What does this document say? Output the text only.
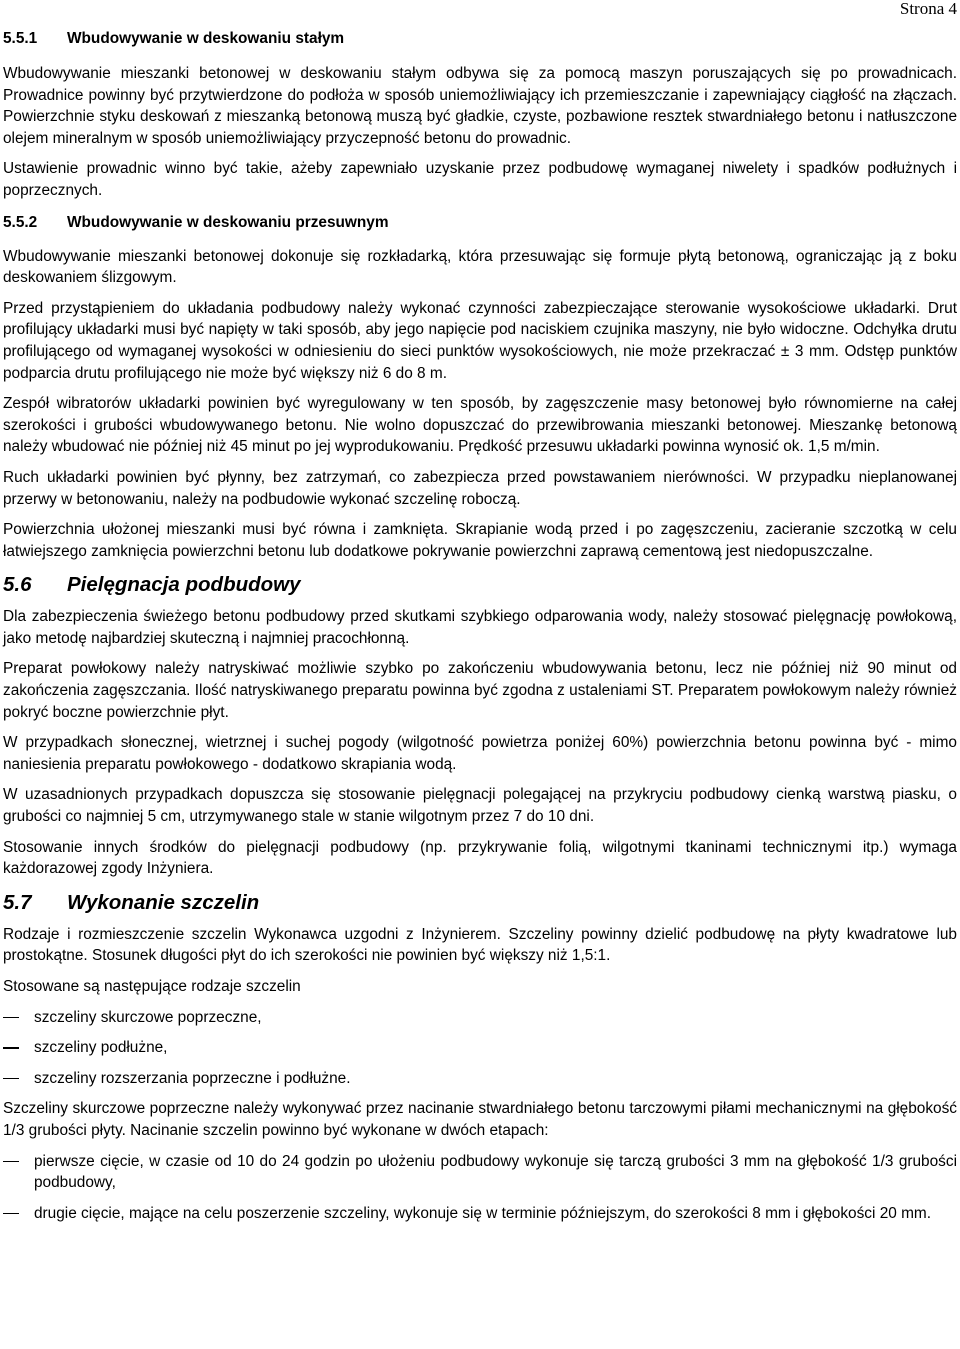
Strona 4
5.5.1 Wbudowywanie w deskowaniu stałym

Wbudowywanie mieszanki betonowej w deskowaniu stałym odbywa się za pomocą maszyn poruszających się po prowadnicach. Prowadnice powinny być przytwierdzone do podłoża w sposób uniemożliwiający ich przemieszczanie i zapewniający ciągłość na złączach. Powierzchnie styku deskowań z mieszanką betonową muszą być gładkie, czyste, pozbawione resztek stwardniałego betonu i natłuszczone olejem mineralnym w sposób uniemożliwiający przyczepność betonu do prowadnic.

Ustawienie prowadnic winno być takie, ażeby zapewniało uzyskanie przez podbudowę wymaganej niwelety i spadków podłużnych i poprzecznych.

5.5.2 Wbudowywanie w deskowaniu przesuwnym

Wbudowywanie mieszanki betonowej dokonuje się rozkładarką, która przesuwając się formuje płytą betonową, ograniczając ją z boku deskowaniem ślizgowym.

Przed przystąpieniem do układania podbudowy należy wykonać czynności zabezpieczające sterowanie wysokościowe układarki. Drut profilujący układarki musi być napięty w taki sposób, aby jego napięcie pod naciskiem czujnika maszyny, nie było widoczne. Odchyłka drutu profilującego od wymaganej wysokości w odniesieniu do sieci punktów wysokościowych, nie może przekraczać ± 3 mm. Odstęp punktów podparcia drutu profilującego nie może być większy niż 6 do 8 m.

Zespół wibratorów układarki powinien być wyregulowany w ten sposób, by zagęszczenie masy betonowej było równomierne na całej szerokości i grubości wbudowywanego betonu. Nie wolno dopuszczać do przewibrowania mieszanki betonowej. Mieszankę betonową należy wbudować nie później niż 45 minut po jej wyprodukowaniu. Prędkość przesuwu układarki powinna wynosić ok. 1,5 m/min.

Ruch układarki powinien być płynny, bez zatrzymań, co zabezpiecza przed powstawaniem nierówności. W przypadku nieplanowanej przerwy w betonowaniu, należy na podbudowie wykonać szczelinę roboczą.

Powierzchnia ułożonej mieszanki musi być równa i zamknięta. Skrapianie wodą przed i po zagęszczeniu, zacieranie szczotką w celu łatwiejszego zamknięcia powierzchni betonu lub dodatkowe pokrywanie powierzchni zaprawą cementową jest niedopuszczalne.

5.6 Pielęgnacja podbudowy

Dla zabezpieczenia świeżego betonu podbudowy przed skutkami szybkiego odparowania wody, należy stosować pielęgnację powłokową, jako metodę najbardziej skuteczną i najmniej pracochłonną.

Preparat powłokowy należy natryskiwać możliwie szybko po zakończeniu wbudowywania betonu, lecz nie później niż 90 minut od zakończenia zagęszczania. Ilość natryskiwanego preparatu powinna być zgodna z ustaleniami ST. Preparatem powłokowym należy również pokryć boczne powierzchnie płyt.

W przypadkach słonecznej, wietrznej i suchej pogody (wilgotność powietrza poniżej 60%) powierzchnia betonu powinna być - mimo naniesienia preparatu powłokowego - dodatkowo skrapiania wodą.

W uzasadnionych przypadkach dopuszcza się stosowanie pielęgnacji polegającej na przykryciu podbudowy cienką warstwą piasku, o grubości co najmniej 5 cm, utrzymywanego stale w stanie wilgotnym przez 7 do 10 dni.

Stosowanie innych środków do pielęgnacji podbudowy (np. przykrywanie folią, wilgotnymi tkaninami technicznymi itp.) wymaga każdorazowej zgody Inżyniera.

5.7 Wykonanie szczelin

Rodzaje i rozmieszczenie szczelin Wykonawca uzgodni z Inżynierem. Szczeliny powinny dzielić podbudowę na płyty kwadratowe lub prostokątne. Stosunek długości płyt do ich szerokości nie powinien być większy niż 1,5:1.

Stosowane są następujące rodzaje szczelin

szczeliny skurczowe poprzeczne,
szczeliny podłużne,
szczeliny rozszerzania poprzeczne i podłużne.

Szczeliny skurczowe poprzeczne należy wykonywać przez nacinanie stwardniałego betonu tarczowymi piłami mechanicznymi na głębokość 1/3 grubości płyty. Nacinanie szczelin powinno być wykonane w dwóch etapach:

pierwsze cięcie, w czasie od 10 do 24 godzin po ułożeniu podbudowy wykonuje się tarczą grubości 3 mm na głębokość 1/3 grubości podbudowy,
drugie cięcie, mające na celu poszerzenie szczeliny, wykonuje się w terminie późniejszym, do szerokości 8 mm i głębokości 20 mm.
